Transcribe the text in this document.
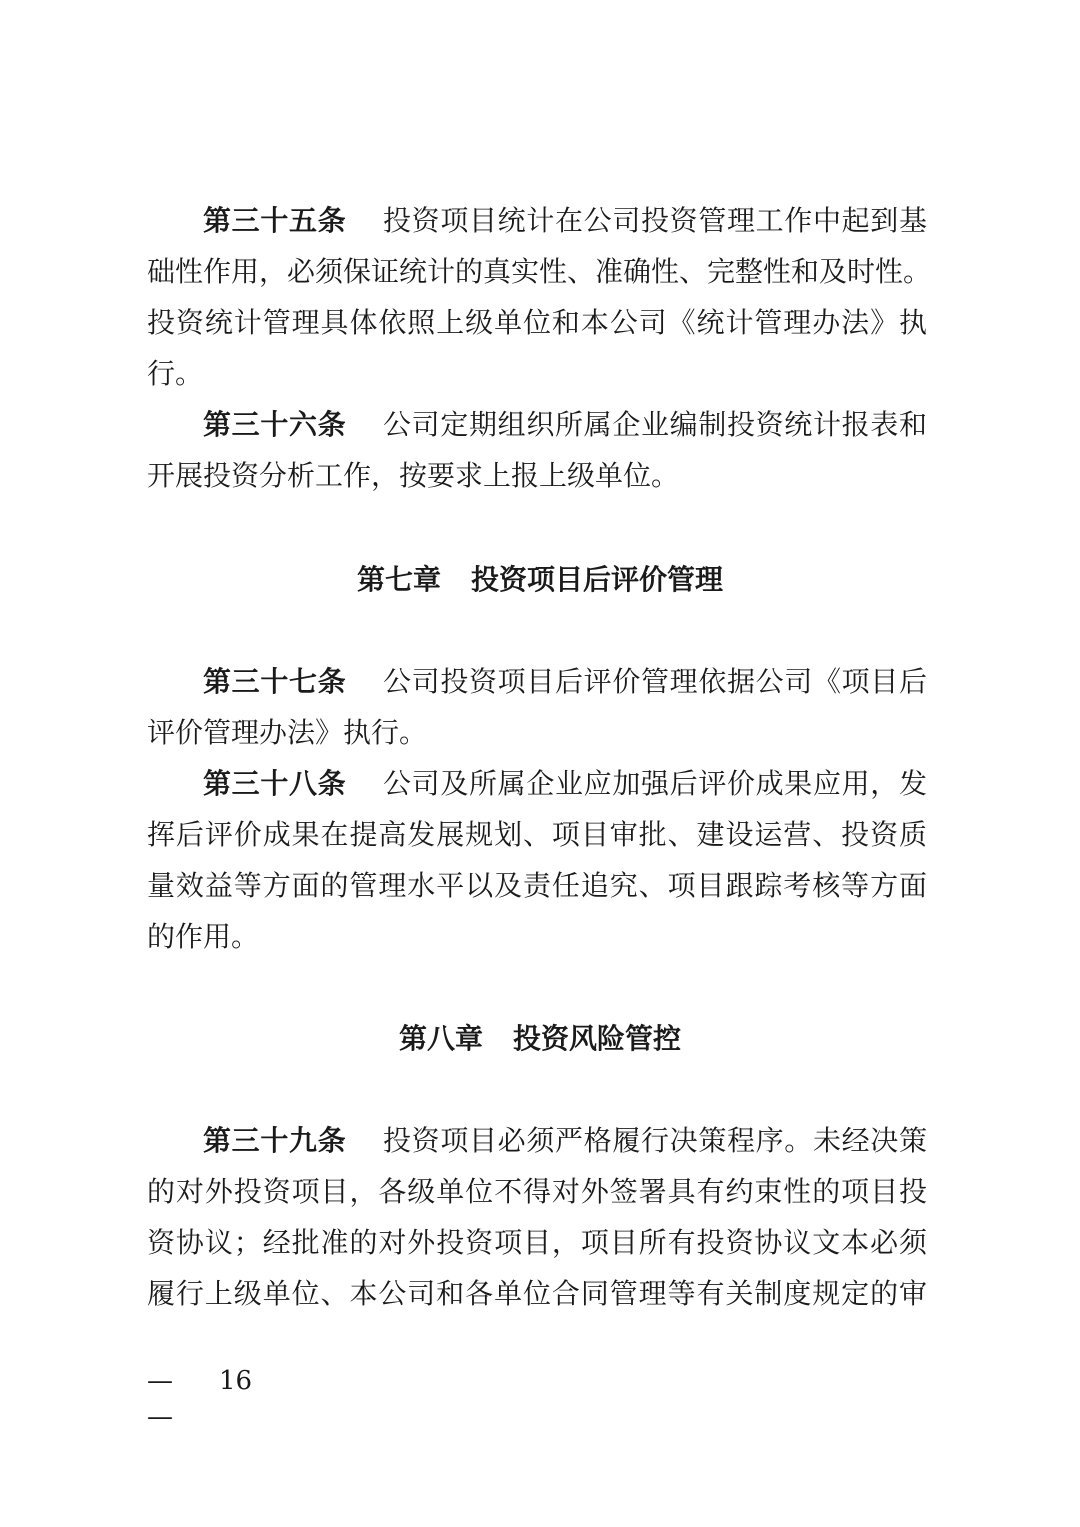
第三十五条 投资项目统计在公司投资管理工作中起到基
础性作用，必须保证统计的真实性、准确性、完整性和及时性。
投资统计管理具体依照上级单位和本公司《统计管理办法》执
行。
第三十六条 公司定期组织所属企业编制投资统计报表和
开展投资分析工作，按要求上报上级单位。
第七章 投资项目后评价管理
第三十七条 公司投资项目后评价管理依据公司《项目后
评价管理办法》执行。
第三十八条 公司及所属企业应加强后评价成果应用，发
挥后评价成果在提高发展规划、项目审批、建设运营、投资质
量效益等方面的管理水平以及责任追究、项目跟踪考核等方面
的作用。
第八章 投资风险管控
第三十九条 投资项目必须严格履行决策程序。未经决策
的对外投资项目，各级单位不得对外签署具有约束性的项目投
资协议；经批准的对外投资项目，项目所有投资协议文本必须
履行上级单位、本公司和各单位合同管理等有关制度规定的审
— 16
—
